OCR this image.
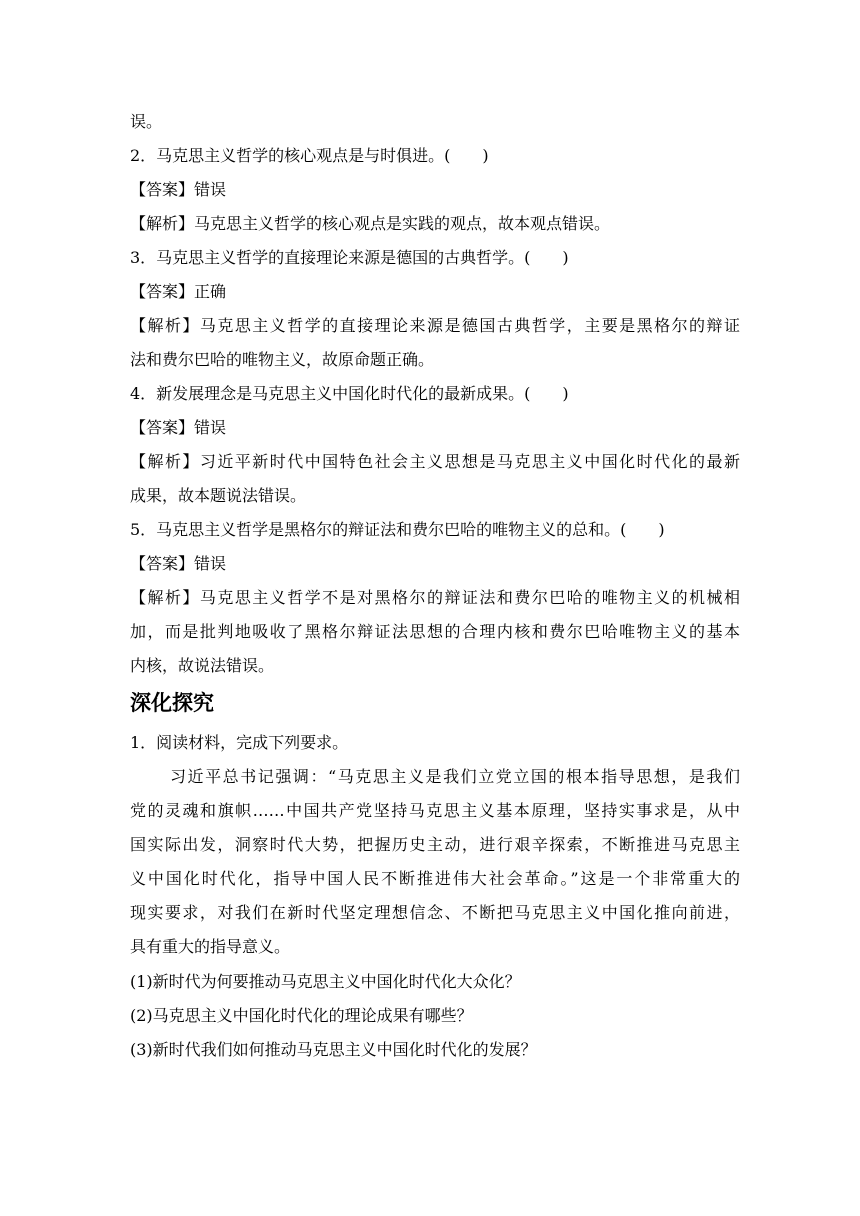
误。
2．马克思主义哲学的核心观点是与时俱进。(　　)
【答案】错误
【解析】马克思主义哲学的核心观点是实践的观点，故本观点错误。
3．马克思主义哲学的直接理论来源是德国的古典哲学。(　　)
【答案】正确
【解析】马克思主义哲学的直接理论来源是德国古典哲学，主要是黑格尔的辩证
法和费尔巴哈的唯物主义，故原命题正确。
4．新发展理念是马克思主义中国化时代化的最新成果。(　　)
【答案】错误
【解析】习近平新时代中国特色社会主义思想是马克思主义中国化时代化的最新
成果，故本题说法错误。
5．马克思主义哲学是黑格尔的辩证法和费尔巴哈的唯物主义的总和。(　　)
【答案】错误
【解析】马克思主义哲学不是对黑格尔的辩证法和费尔巴哈的唯物主义的机械相
加，而是批判地吸收了黑格尔辩证法思想的合理内核和费尔巴哈唯物主义的基本
内核，故说法错误。
深化探究
1．阅读材料，完成下列要求。
习近平总书记强调：“马克思主义是我们立党立国的根本指导思想，是我们
党的灵魂和旗帜……中国共产党坚持马克思主义基本原理，坚持实事求是，从中
国实际出发，洞察时代大势，把握历史主动，进行艰辛探索，不断推进马克思主
义中国化时代化，指导中国人民不断推进伟大社会革命。”这是一个非常重大的
现实要求，对我们在新时代坚定理想信念、不断把马克思主义中国化推向前进，
具有重大的指导意义。
(1)新时代为何要推动马克思主义中国化时代化大众化？
(2)马克思主义中国化时代化的理论成果有哪些？
(3)新时代我们如何推动马克思主义中国化时代化的发展？
